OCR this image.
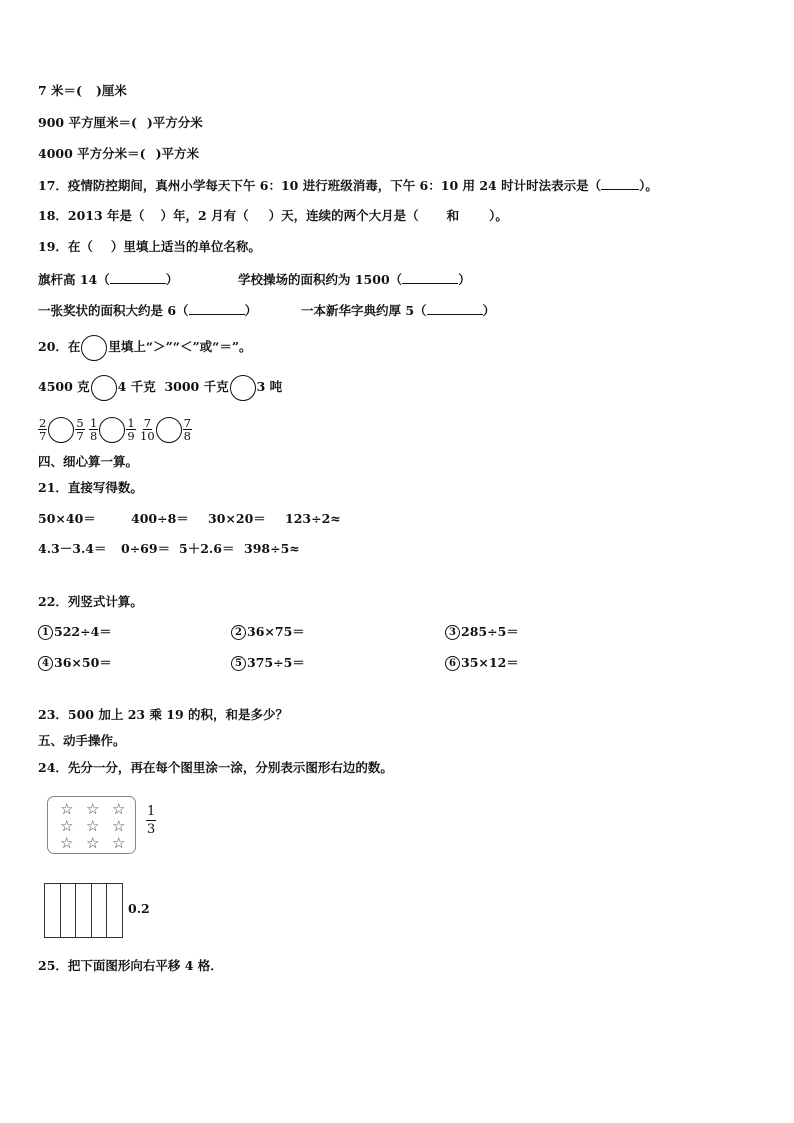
7 米＝( )厘米
900 平方厘米＝( )平方分米
4000 平方分米＝( )平方米
17．疫情防控期间，真州小学每天下午 6：10 进行班级消毒，下午 6：10 用 24 时计时法表示是（	）。
18．2013 年是（ ）年，2 月有（ ）天，连续的两个大月是（ 和 ）。
19．在（ ）里填上适当的单位名称。
旗杆高 14（	）	学校操场的面积约为 1500（	）
一张奖状的面积大约是 6（	）	一本新华字典约厚 5（	）
20．在 里填上“＞”“＜”或“＝”。
4500 克 4 千克 3000 千克 3 吨
$\frac{2}{7} \frac{5}{7}$
$\frac{1}{8} \frac{1}{9}$
$\frac{7}{10} \frac{7}{8}$
四、细心算一算。
21．直接写得数。
50×40＝	400÷8＝ 30×20＝ 123÷2≈
4.3－3.4＝ 0÷69＝ 5＋2.6＝ 398÷5≈
22．列竖式计算。
1 522÷4＝	2 36×75＝	3 285÷5＝
4 36×50＝	5 375÷5＝	6 35×12＝
23．500 加上 23 乘 19 的积，和是多少？
五、动手操作。
24．先分一分，再在每个图里涂一涂，分别表示图形右边的数。
☆ ☆ ☆
☆ ☆ ☆
☆ ☆ ☆
$\frac{1}{3}$
0.2
25．把下面图形向右平移 4 格．
